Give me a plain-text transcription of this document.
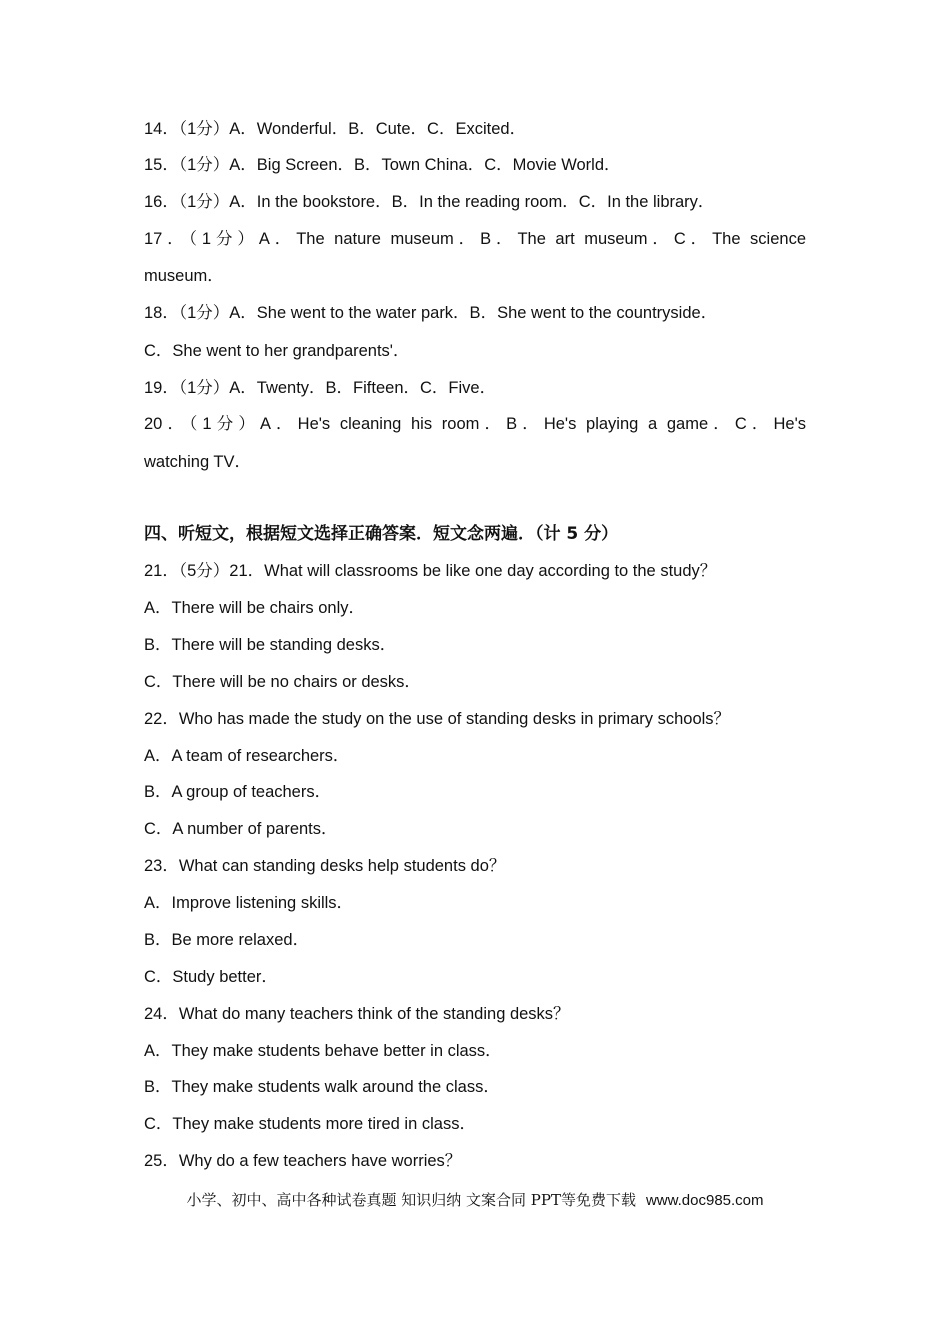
14．（1分）A．Wonderful．B．Cute．C．Excited．
15．（1分）A．Big Screen．B．Town China．C．Movie World．
16．（1分）A．In the bookstore．B．In the reading room．C．In the library．
17．（1分）A．The nature museum．B．The art museum．C．The science
museum．
18．（1分）A．She went to the water park．B．She went to the countryside．
C．She went to her grandparents'．
19．（1分）A．Twenty．B．Fifteen．C．Five．
20．（1分）A．He's cleaning his room．B．He's playing a game．C．He's
watching TV．
四、听短文，根据短文选择正确答案．短文念两遍．（计 5 分）
21．（5分）21．What will classrooms be like one day according to the study？
A．There will be chairs only．
B．There will be standing desks．
C．There will be no chairs or desks．
22．Who has made the study on the use of standing desks in primary schools？
A．A team of researchers．
B．A group of teachers．
C．A number of parents．
23．What can standing desks help students do？
A．Improve listening skills．
B．Be more relaxed．
C．Study better．
24．What do many teachers think of the standing desks？
A．They make students behave better in class．
B．They make students walk around the class．
C．They make students more tired in class．
25．Why do a few teachers have worries？
小学、初中、高中各种试卷真题 知识归纳 文案合同 PPT等免费下载 www.doc985.com
